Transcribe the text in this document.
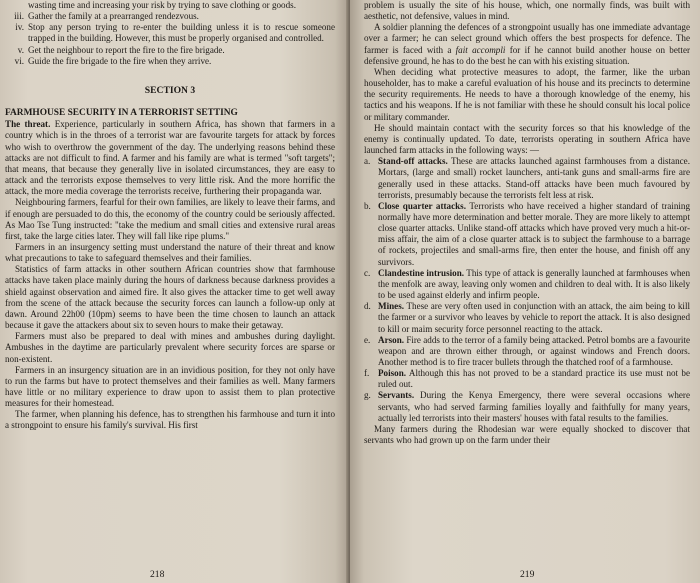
wasting time and increasing your risk by trying to save clothing or goods.
iii. Gather the family at a prearranged rendezvous.
iv. Stop any person trying to re-enter the building unless it is to rescue someone trapped in the building. However, this must be properly organised and controlled.
v. Get the neighbour to report the fire to the fire brigade.
vi. Guide the fire brigade to the fire when they arrive.
SECTION 3
FARMHOUSE SECURITY IN A TERRORIST SETTING

The threat. Experience, particularly in southern Africa, has shown that farmers in a country which is in the throes of a terrorist war are favourite targets for attack by forces who wish to overthrow the government of the day. The underlying reasons behind these attacks are not difficult to find. A farmer and his family are what is termed "soft targets"; that means, that because they generally live in isolated circumstances, they are easy to attack and the terrorists expose themselves to very little risk. And the more horrific the attack, the more media coverage the terrorists receive, furthering their propaganda war.

Neighbouring farmers, fearful for their own families, are likely to leave their farms, and if enough are persuaded to do this, the economy of the country could be seriously affected. As Mao Tse Tung instructed: "take the medium and small cities and extensive rural areas first, take the large cities later. They will fall like ripe plums."

Farmers in an insurgency setting must understand the nature of their threat and know what precautions to take to safeguard themselves and their families.

Statistics of farm attacks in other southern African countries show that farmhouse attacks have taken place mainly during the hours of darkness because darkness provides a shield against observation and aimed fire. It also gives the attacker time to get well away from the scene of the attack because the security forces can launch a follow-up only at dawn. Around 22h00 (10pm) seems to have been the time chosen to launch an attack because it gave the attackers about six to seven hours to make their getaway.

Farmers must also be prepared to deal with mines and ambushes during daylight. Ambushes in the daytime are particularly prevalent where security forces are sparse or non-existent.

Farmers in an insurgency situation are in an invidious position, for they not only have to run the farms but have to protect themselves and their families as well. Many farmers have little or no military experience to draw upon to assist them to plan protective measures for their homestead.

The farmer, when planning his defence, has to strengthen his farmhouse and turn it into a strongpoint to ensure his family's survival. His first

218

problem is usually the site of his house, which, one normally finds, was built with aesthetic, not defensive, values in mind.

A soldier planning the defences of a strongpoint usually has one immediate advantage over a farmer; he can select ground which offers the best prospects for defence. The farmer is faced with a fait accompli for if he cannot build another house on better defensive ground, he has to do the best he can with his existing situation.

When deciding what protective measures to adopt, the farmer, like the urban householder, has to make a careful evaluation of his house and its precincts to determine the security requirements. He needs to have a thorough knowledge of the enemy, his tactics and his weapons. If he is not familiar with these he should consult his local police or military commander.

He should maintain contact with the security forces so that his knowledge of the enemy is continually updated. To date, terrorists operating in southern Africa have launched farm attacks in the following ways: —

a. Stand-off attacks. These are attacks launched against farmhouses from a distance. Mortars, (large and small) rocket launchers, anti-tank guns and small-arms fire are generally used in these attacks. Stand-off attacks have been much favoured by terrorists, presumably because the terrorists felt less at risk.
b. Close quarter attacks. Terrorists who have received a higher standard of training normally have more determination and better morale. They are more likely to attempt close quarter attacks. Unlike stand-off attacks which have proved very much a hit-or-miss affair, the aim of a close quarter attack is to subject the farmhouse to a barrage of rockets, projectiles and small-arms fire, then enter the house, and finish off any survivors.
c. Clandestine intrusion. This type of attack is generally launched at farmhouses when the menfolk are away, leaving only women and children to deal with. It is also likely to be used against elderly and infirm people.
d. Mines. These are very often used in conjunction with an attack, the aim being to kill the farmer or a survivor who leaves by vehicle to report the attack. It is also designed to kill or maim security force personnel reacting to the attack.
e. Arson. Fire adds to the terror of a family being attacked. Petrol bombs are a favourite weapon and are thrown either through, or against windows and French doors. Another method is to fire tracer bullets through the thatched roof of a farmhouse.
f. Poison. Although this has not proved to be a standard practice its use must not be ruled out.
g. Servants. During the Kenya Emergency, there were several occasions where servants, who had served farming families loyally and faithfully for many years, actually led terrorists into their masters' houses with fatal results to the families.

Many farmers during the Rhodesian war were equally shocked to discover that servants who had grown up on the farm under their

219
